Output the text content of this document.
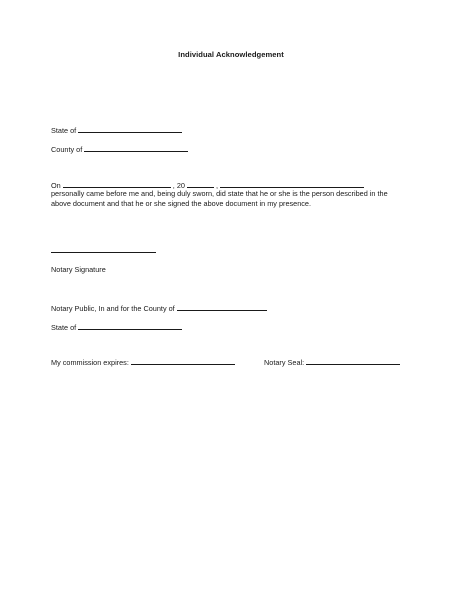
Individual Acknowledgement
State of
County of
On	, 20	,
personally came before me and, being duly sworn, did state that he or she is the person described in the above document and that he or she signed the above document in my presence.
Notary Signature
Notary Public, In and for the County of
State of
My commission expires:	Notary Seal:
